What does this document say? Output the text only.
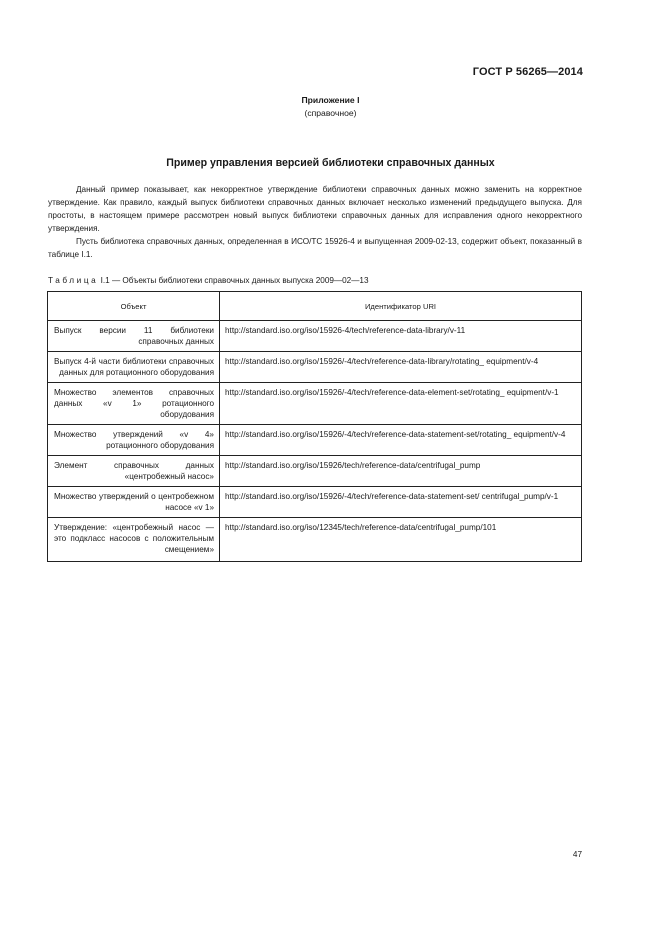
ГОСТ Р 56265—2014
Приложение I
(справочное)
Пример управления версией библиотеки справочных данных

Данный пример показывает, как некорректное утверждение библиотеки справочных данных можно заменить на корректное утверждение. Как правило, каждый выпуск библиотеки справочных данных включает несколько изменений предыдущего выпуска. Для простоты, в настоящем примере рассмотрен новый выпуск библиотеки справочных данных для исправления одного некорректного утверждения.

Пусть библиотека справочных данных, определенная в ИСО/ТС 15926-4 и выпущенная 2009-02-13, содержит объект, показанный в таблице I.1.

Таблица I.1 — Объекты библиотеки справочных данных выпуска 2009—02—13
Объект	Идентификатор URI
Выпуск версии 11 библиотеки справочных данных	http://standard.iso.org/iso/15926-4/tech/reference-data-library/v-11
Выпуск 4-й части библиотеки справочных данных для ротационного оборудования	http://standard.iso.org/iso/15926/-4/tech/reference-data-library/rotating_ equipment/v-4
Множество элементов справочных данных «v 1» ротационного оборудования	http://standard.iso.org/iso/15926/-4/tech/reference-data-element-set/rotating_ equipment/v-1
Множество утверждений «v 4» ротационного оборудования	http://standard.iso.org/iso/15926/-4/tech/reference-data-statement-set/rotating_ equipment/v-4
Элемент справочных данных «центробежный насос»	http://standard.iso.org/iso/15926/tech/reference-data/centrifugal_pump
Множество утверждений о центробежном насосе «v 1»	http://standard.iso.org/iso/15926/-4/tech/reference-data-statement-set/ centrifugal_pump/v-1
Утверждение: «центробежный насос — это подкласс насосов с положительным смещением»	http://standard.iso.org/iso/12345/tech/reference-data/centrifugal_pump/101
47
